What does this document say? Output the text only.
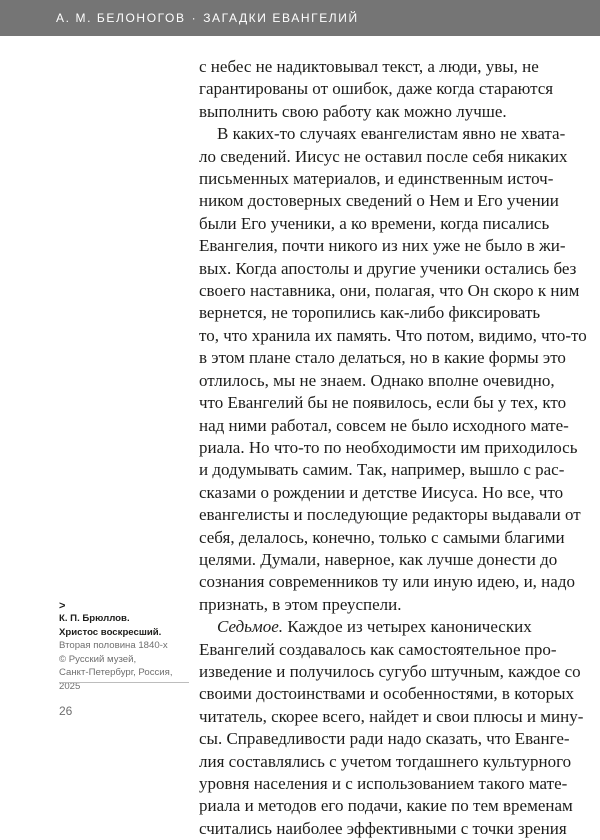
А. М. БЕЛОНОГОВ · ЗАГАДКИ ЕВАНГЕЛИЙ
с небес не надиктовывал текст, а люди, увы, не
гарантированы от ошибок, даже когда стараются
выполнить свою работу как можно лучше.
В каких-то случаях евангелистам явно не хвата-
ло сведений. Иисус не оставил после себя никаких
письменных материалов, и единственным источ-
ником достоверных сведений о Нем и Его учении
были Его ученики, а ко времени, когда писались
Евангелия, почти никого из них уже не было в жи-
вых. Когда апостолы и другие ученики остались без
своего наставника, они, полагая, что Он скоро к ним
вернется, не торопились как-либо фиксировать
то, что хранила их память. Что потом, видимо, что-то
в этом плане стало делаться, но в какие формы это
отлилось, мы не знаем. Однако вполне очевидно,
что Евангелий бы не появилось, если бы у тех, кто
над ними работал, совсем не было исходного матe-
риала. Но что-то по необходимости им приходилось
и додумывать самим. Так, например, вышло с рас-
сказами о рождении и детстве Иисуса. Но все, что
евангелисты и последующие редакторы выдавали от
себя, делалось, конечно, только с самыми благими
целями. Думали, наверное, как лучше донести до
сознания современников ту или иную идею, и, надо
признать, в этом преуспели.
Седьмое. Каждое из четырех канонических
Евангелий создавалось как самостоятельное про-
изведение и получилось сугубо штучным, каждое со
своими достоинствами и особенностями, в которых
читатель, скорее всего, найдет и свои плюсы и мину-
сы. Справедливости ради надо сказать, что Еванге-
лия составлялись с учетом тогдашнего культурного
уровня населения и с использованием такого матe-
риала и методов его подачи, какие по тем временам
считались наиболее эффективными с точки зрения
>
К. П. Брюллов.
Христос воскресший.
Вторая половина 1840-х
© Русский музей,
Санкт-Петербург, Россия,
2025
26
